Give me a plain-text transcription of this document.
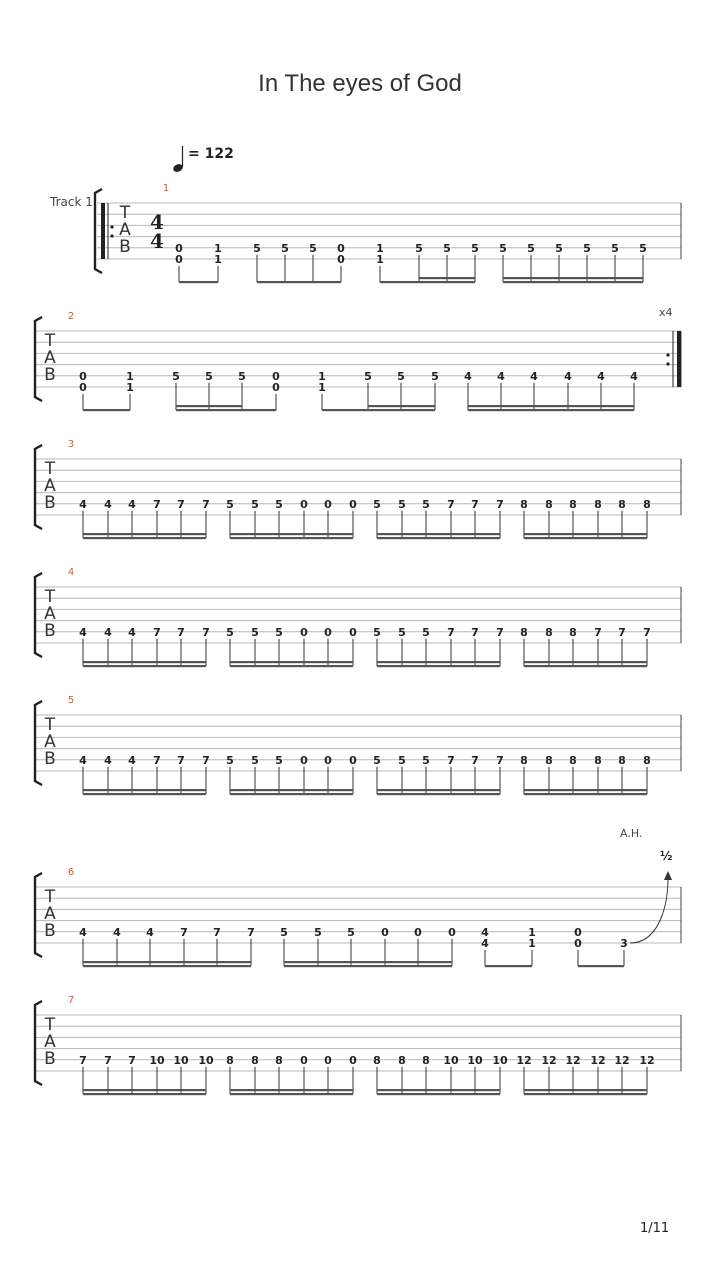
In The eyes of God
Track 1
= 122
x4
A.H.
½
T
A
B
1
4
4 0
0
1
1
5 5 5 0
0
1
1
5 5 5 5 5 5 5 5 5
T
A
B
2
0
0
1
1
5 5 5 0
0
1
1
5 5 5 4 4 4 4 4 4
T
A
B
3
4 4 4 7 7 7 5 5 5 0 0 0 5 5 5 7 7 7 8 8 8 8 8 8
T
A
B
4
4 4 4 7 7 7 5 5 5 0 0 0 5 5 5 7 7 7 8 8 8 7 7 7
T
A
B
5
4 4 4 7 7 7 5 5 5 0 0 0 5 5 5 7 7 7 8 8 8 8 8 8
T
A
B
6
4 4 4 7 7 7 5 5 5 0 0 0 4
4
1
1
0
0	3
T
A
B
7
7 7 7 10 10 10 8 8 8 0 0 0 8 8 8 10 10 10 12 12 12 12 12 12
1/11
